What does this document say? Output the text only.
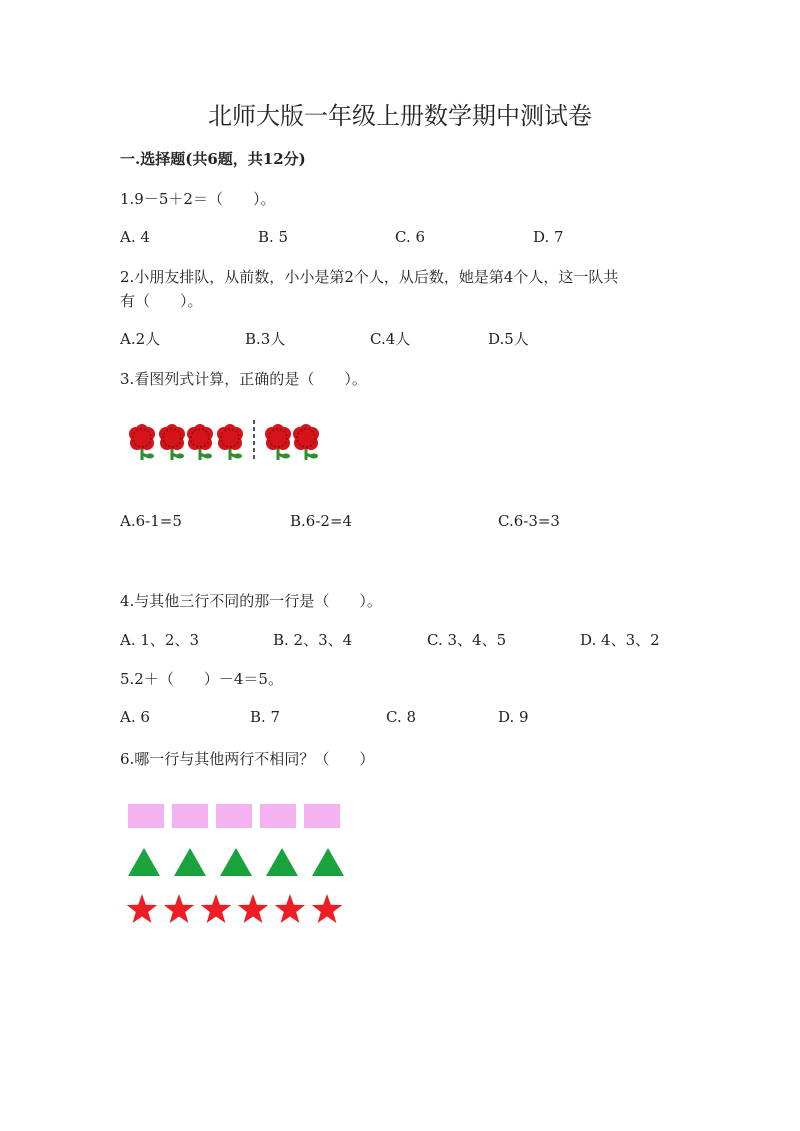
北师大版一年级上册数学期中测试卷
一.选择题(共6题，共12分)
1.9－5＋2＝（　　）。
A. 4	B. 5	C. 6	D. 7
2.小朋友排队，从前数，小小是第2个人，从后数，她是第4个人，这一队共
有（　　）。
A.2人	B.3人	C.4人	D.5人
3.看图列式计算，正确的是（　　）。
A.6-1=5	B.6-2=4	C.6-3=3
4.与其他三行不同的那一行是（　　）。
A. 1、2、3	B. 2、3、4	C. 3、4、5	D. 4、3、2
5.2＋（　　）－4＝5。
A. 6	B. 7	C. 8	D. 9
6.哪一行与其他两行不相同？（　　）
